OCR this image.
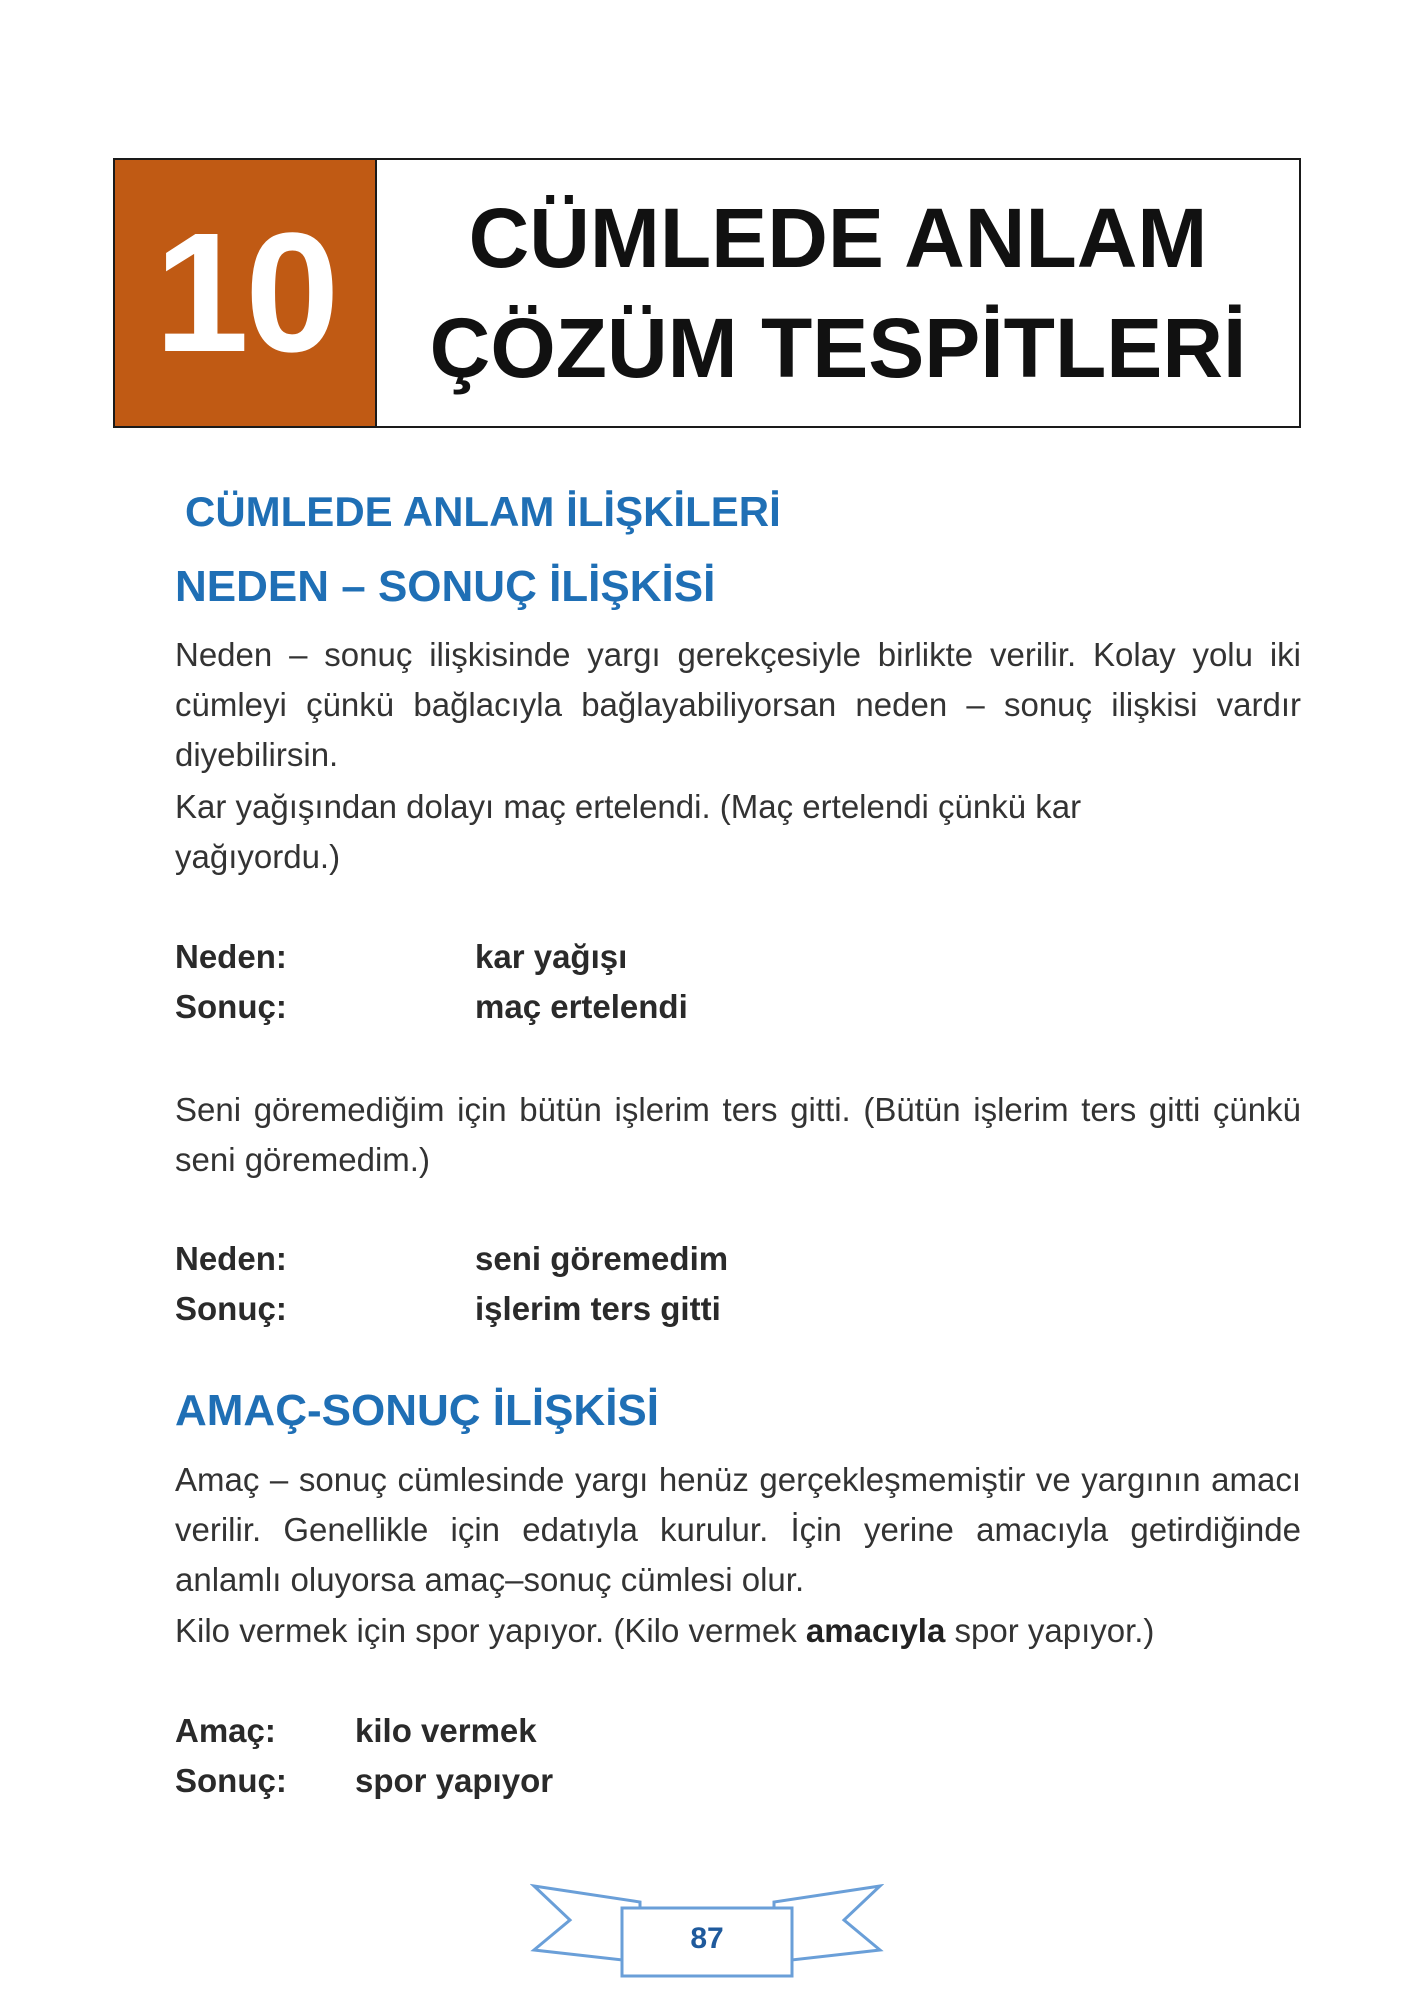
10	CÜMLEDE ANLAM
ÇÖZÜM TESPİTLERİ
CÜMLEDE ANLAM İLİŞKİLERİ
NEDEN – SONUÇ İLİŞKİSİ
Neden – sonuç ilişkisinde yargı gerekçesiyle birlikte verilir. Kolay yolu iki cümleyi çünkü bağlacıyla bağlayabiliyorsan neden – sonuç ilişkisi vardır diyebilirsin.
Kar yağışından dolayı maç ertelendi. (Maç ertelendi çünkü kar yağıyordu.)
Neden:	kar yağışı
Sonuç:	maç ertelendi
Seni göremediğim için bütün işlerim ters gitti. (Bütün işlerim ters gitti çünkü seni göremedim.)
Neden:	seni göremedim
Sonuç:	işlerim ters gitti
AMAÇ-SONUÇ İLİŞKİSİ
Amaç – sonuç cümlesinde yargı henüz gerçekleşmemiştir ve yargının amacı verilir. Genellikle için edatıyla kurulur. İçin yerine amacıyla getirdiğinde anlamlı oluyorsa amaç–sonuç cümlesi olur.
Kilo vermek için spor yapıyor. (Kilo vermek amacıyla spor yapıyor.)
Amaç: kilo vermek
Sonuç: spor yapıyor
87
